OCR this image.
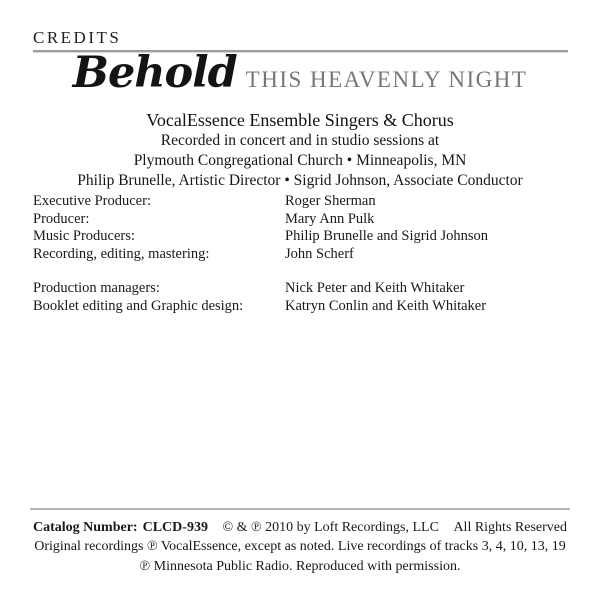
CREDITS
Behold THIS HEAVENLY NIGHT
VocalEssence Ensemble Singers & Chorus
Recorded in concert and in studio sessions at
Plymouth Congregational Church • Minneapolis, MN
Philip Brunelle, Artistic Director • Sigrid Johnson, Associate Conductor
Executive Producer:	Roger Sherman
Producer:	Mary Ann Pulk
Music Producers:	Philip Brunelle and Sigrid Johnson
Recording, editing, mastering:	John Scherf
Production managers:	Nick Peter and Keith Whitaker
Booklet editing and Graphic design:	Katryn Conlin and Keith Whitaker
Catalog Number: CLCD-939 © & ℗ 2010 by Loft Recordings, LLC All Rights Reserved
Original recordings ℗ VocalEssence, except as noted. Live recordings of tracks 3, 4, 10, 13, 19
℗ Minnesota Public Radio. Reproduced with permission.
